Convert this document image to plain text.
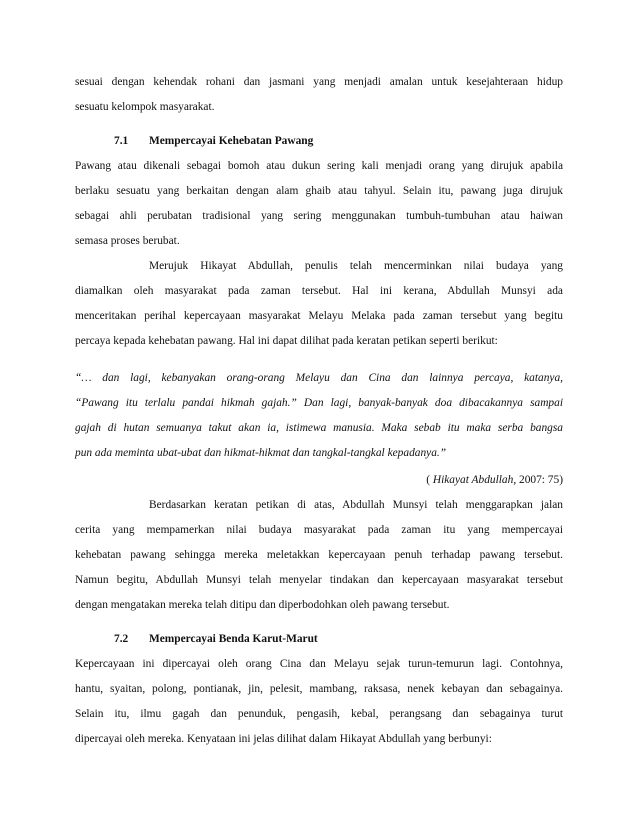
sesuai dengan kehendak rohani dan jasmani yang menjadi amalan untuk kesejahteraan hidup
sesuatu kelompok masyarakat.
7.1 Mempercayai Kehebatan Pawang
Pawang atau dikenali sebagai bomoh atau dukun sering kali menjadi orang yang dirujuk apabila
berlaku sesuatu yang berkaitan dengan alam ghaib atau tahyul. Selain itu, pawang juga dirujuk
sebagai ahli perubatan tradisional yang sering menggunakan tumbuh-tumbuhan atau haiwan
semasa proses berubat.
Merujuk Hikayat Abdullah, penulis telah mencerminkan nilai budaya yang
diamalkan oleh masyarakat pada zaman tersebut. Hal ini kerana, Abdullah Munsyi ada
menceritakan perihal kepercayaan masyarakat Melayu Melaka pada zaman tersebut yang begitu
percaya kepada kehebatan pawang. Hal ini dapat dilihat pada keratan petikan seperti berikut:
“… dan lagi, kebanyakan orang-orang Melayu dan Cina dan lainnya percaya, katanya,
“Pawang itu terlalu pandai hikmah gajah.” Dan lagi, banyak-banyak doa dibacakannya sampai
gajah di hutan semuanya takut akan ia, istimewa manusia. Maka sebab itu maka serba bangsa
pun ada meminta ubat-ubat dan hikmat-hikmat dan tangkal-tangkal kepadanya.”
( Hikayat Abdullah, 2007: 75)
Berdasarkan keratan petikan di atas, Abdullah Munsyi telah menggarapkan jalan
cerita yang mempamerkan nilai budaya masyarakat pada zaman itu yang mempercayai
kehebatan pawang sehingga mereka meletakkan kepercayaan penuh terhadap pawang tersebut.
Namun begitu, Abdullah Munsyi telah menyelar tindakan dan kepercayaan masyarakat tersebut
dengan mengatakan mereka telah ditipu dan diperbodohkan oleh pawang tersebut.
7.2 Mempercayai Benda Karut-Marut
Kepercayaan ini dipercayai oleh orang Cina dan Melayu sejak turun-temurun lagi. Contohnya,
hantu, syaitan, polong, pontianak, jin, pelesit, mambang, raksasa, nenek kebayan dan sebagainya.
Selain itu, ilmu gagah dan penunduk, pengasih, kebal, perangsang dan sebagainya turut
dipercayai oleh mereka. Kenyataan ini jelas dilihat dalam Hikayat Abdullah yang berbunyi:
